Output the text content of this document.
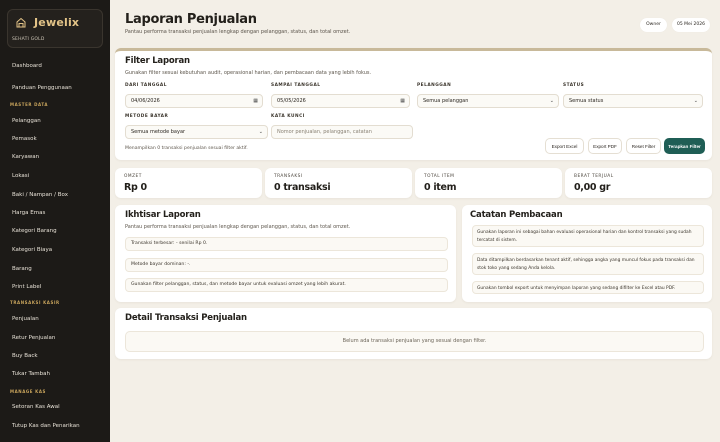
Jewelix
SEHATI GOLD
Dashboard
Panduan Penggunaan
MASTER DATA
Pelanggan
Pemasok
Karyawan
Lokasi
Baki / Nampan / Box
Harga Emas
Kategori Barang
Kategori Biaya
Barang
Print Label
TRANSAKSI KASIR
Penjualan
Retur Penjualan
Buy Back
Tukar Tambah
MANAGE KAS
Setoran Kas Awal
Tutup Kas dan Penarikan
Laporan Penjualan

Pantau performa transaksi penjualan lengkap dengan pelanggan, status, dan total omzet.

Owner	05 Mei 2026
Filter Laporan

Gunakan filter sesuai kebutuhan audit, operasional harian, dan pembacaan data yang lebih fokus.

DARI TANGGAL
04/06/2026	▦
SAMPAI TANGGAL
05/05/2026	▦
PELANGGAN
Semua pelanggan	⌄
STATUS
Semua status	⌄
METODE BAYAR
Semua metode bayar	⌄
KATA KUNCI
Nomor penjualan, pelanggan, catatan

Menampilkan 0 transaksi penjualan sesuai filter aktif.	Export Excel	Export PDF	Reset Filter	Terapkan Filter
OMZET
Rp 0
TRANSAKSI
0 transaksi
TOTAL ITEM
0 item
BERAT TERJUAL
0,00 gr
Ikhtisar Laporan

Pantau performa transaksi penjualan lengkap dengan pelanggan, status, dan total omzet.

Transaksi terbesar: - senilai Rp 0.
Metode bayar dominan: -.
Gunakan filter pelanggan, status, dan metode bayar untuk evaluasi omzet yang lebih akurat.
Catatan Pembacaan
Gunakan laporan ini sebagai bahan evaluasi operasional harian dan kontrol transaksi yang sudah tercatat di sistem.
Data ditampilkan berdasarkan tenant aktif, sehingga angka yang muncul fokus pada transaksi dan stok toko yang sedang Anda kelola.
Gunakan tombol export untuk menyimpan laporan yang sedang difilter ke Excel atau PDF.
Detail Transaksi Penjualan
Belum ada transaksi penjualan yang sesuai dengan filter.
